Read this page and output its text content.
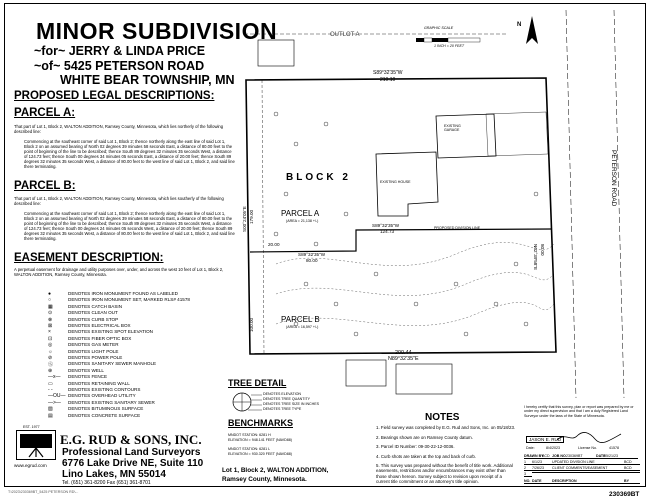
MINOR SUBDIVISION
~for~ JERRY & LINDA PRICE
~of~ 5425 PETERSON ROAD
WHITE BEAR TOWNSHIP, MN
PROPOSED LEGAL DESCRIPTIONS:
PARCEL A:
That part of Lot 1, Block 2, WALTON ADDITION, Ramsey County, Minnesota, which lies northerly of the following described line:
Commencing at the southeast corner of said Lot 1, Block 2; thence northerly along the east line of said Lot 1, Block 2 on an assumed bearing of North 02 degrees 39 minutes 58 seconds East, a distance of 80.00 feet to the point of beginning of the line to be described; thence South 89 degrees 32 minutes 35 seconds West, a distance of 124.73 feet; thence South 00 degrees 34 minutes 05 seconds East, a distance of 20.00 feet; thence South 89 degrees 32 minutes 35 seconds West, a distance of 80.00 feet to the west line of said Lot 1, Block 2, and said line there terminating.
PARCEL B:
That part of Lot 1, Block 2, WALTON ADDITION, Ramsey County, Minnesota, which lies southerly of the following described line:
Commencing at the southeast corner of said Lot 1, Block 2; thence northerly along the east line of said Lot 1, Block 2 on an assumed bearing of North 02 degrees 39 minutes 58 seconds East, a distance of 80.00 feet to the point of beginning of the line to be described; thence South 89 degrees 32 minutes 35 seconds West, a distance of 124.73 feet; thence South 00 degrees 24 minutes 05 seconds West, a distance of 20.00 feet; thence South 89 degrees 32 minutes 35 seconds West, a distance of 80.00 feet to the west line of said Lot 1, Block 2, and said line there terminating.
EASEMENT DESCRIPTION:
A perpetual easement for drainage and utility purposes over, under, and across the west 10 feet of Lot 1, Block 2, WALTON ADDITION, Ramsey County, Minnesota.
●	DENOTES IRON MONUMENT FOUND AS LABELED
○	DENOTES IRON MONUMENT SET, MARKED RLS# 41578
▦	DENOTES CATCH BASIN
⊙	DENOTES CLEAN OUT
⊗	DENOTES CURB STOP
⊠	DENOTES ELECTRICAL BOX
×	DENOTES EXISTING SPOT ELEVATION
⊡	DENOTES FIBER OPTIC BOX
◎	DENOTES GAS METER
☼	DENOTES LIGHT POLE
⊘	DENOTES POWER POLE
Ⓢ	DENOTES SANITARY SEWER MANHOLE
⊕	DENOTES WELL
—x— DENOTES FENCE
▭	DENOTES RETAINING WALL
- -	DENOTES EXISTING CONTOURS
—OU— DENOTES OVERHEAD UTILITY
—>— DENOTES EXISTING SANITARY SEWER
▨	DENOTES BITUMINOUS SURFACE
▤	DENOTES CONCRETE SURFACE
EST. 1977
E.G. RUD & SONS, INC.
Professional Land Surveyors
6776 Lake Drive NE, Suite 110
Lino Lakes, MN 55014
Tel. (651) 361-8200 Fax (651) 361-8701
www.egrud.com
T:\2023\230369BT_5425 PETERSON RD\...
Lot 1, Block 2, WALTON ADDITION,
Ramsey County, Minnesota.
TREE DETAIL
DENOTES ELEVATION
DENOTES TREE QUANTITY
DENOTES TREE SIZE IN INCHES
DENOTES TREE TYPE
BENCHMARKS
MNDOT STATION: 6281 H
ELEVATION = 948.141 FEET (NAVD88)
MNDOT STATION: 6281 L
ELEVATION = 930.320 FEET (NAVD88)
NOTES
1. Field survey was completed by E.G. Rud and Sons, Inc. on 05/18/23.
2. Bearings shown are on Ramsey County datum.
3. Parcel ID Number: 09-30-22-12-0036.
4. Curb shots are taken at the top and back of curb.
5. This survey was prepared without the benefit of title work. Additional easements, restrictions and/or encumbrances may exist other than those shown hereon. Survey subject to revision upon receipt of a current title commitment or an attorney's title opinion.
I hereby certify that this survey, plan or report was prepared by me or under my direct supervision and that I am a duly Registered Land Surveyor under the laws of the State of Minnesota.
JASON E. RUD
Date:	8/4/2023	License No.	41578
DRAWN BY
BCD JOB NO 230369BT	DATE
05/21/23
1	6/1/23	UPDATED DIVISION LINE	BCD
2	7/26/23	CLIENT COMMENTS/EASEMENT	BCD
3
NO. DATE	DESCRIPTION	BY
230369BT
OUTLOT A
GRAPHIC SCALE
1 INCH = 20 FEET
N
PETERSON ROAD
S89°32'35"W
210.10
200.44
N89°32'35"E
S89°32'35"W
124.73
S89°32'35"W
80.00	N02°39'58"E 80.00
S00°24'05"E 179.00
100.00
20.00
BLOCK 2
PARCEL A
(AREA = 21,138 +/-)
PARCEL B
(AREA = 16,597 +/-)
EXISTING HOUSE
EXISTING GARAGE
PROPOSED DIVISION LINE
